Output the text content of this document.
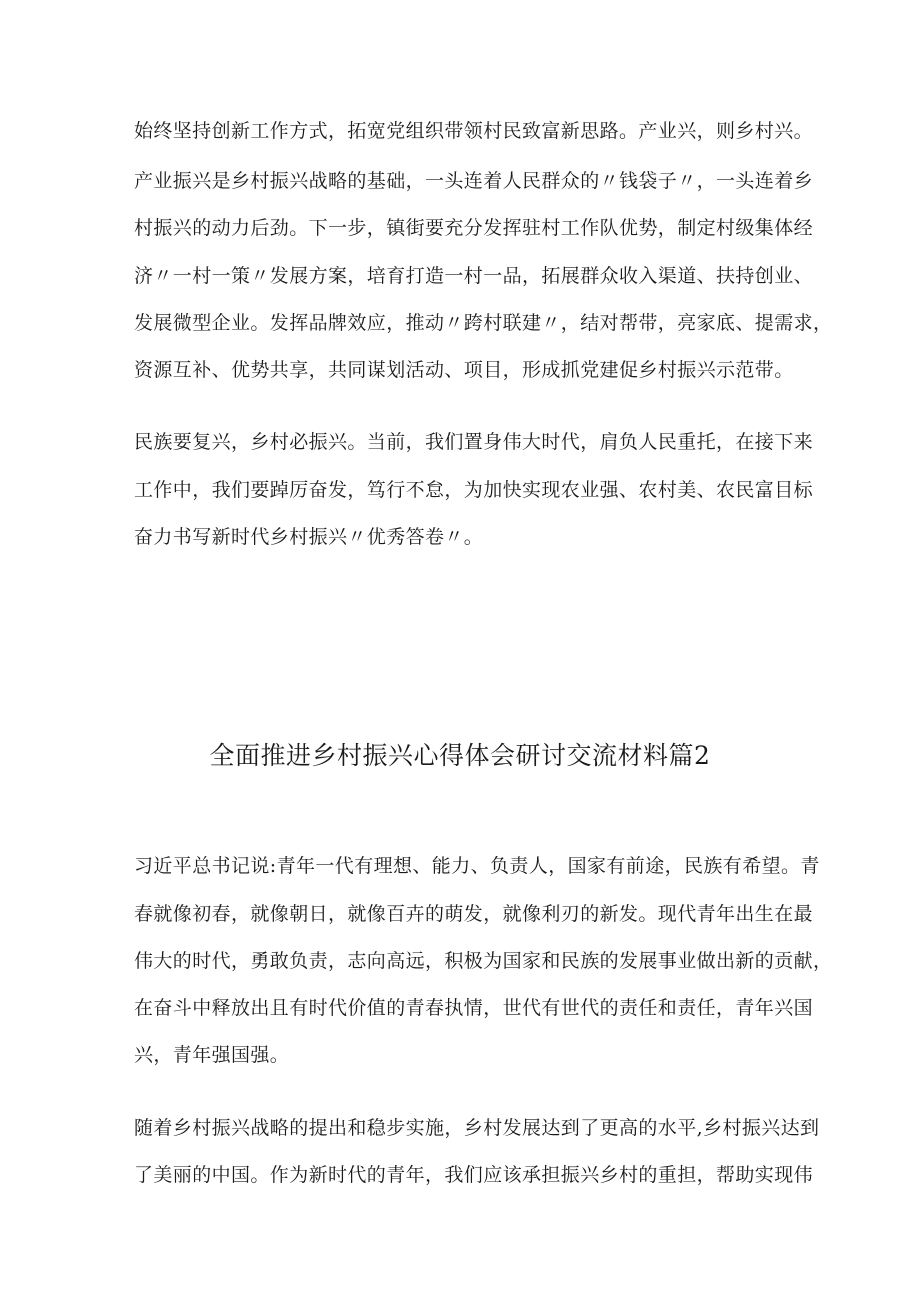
始终坚持创新工作方式，拓宽党组织带领村民致富新思路。产业兴，则乡村兴。
产业振兴是乡村振兴战略的基础，一头连着人民群众的〃钱袋子〃，一头连着乡
村振兴的动力后劲。下一步，镇街要充分发挥驻村工作队优势，制定村级集体经
济〃一村一策〃发展方案，培育打造一村一品，拓展群众收入渠道、扶持创业、
发展微型企业。发挥品牌效应，推动〃跨村联建〃，结对帮带，亮家底、提需求，
资源互补、优势共享，共同谋划活动、项目，形成抓党建促乡村振兴示范带。
民族要复兴，乡村必振兴。当前，我们置身伟大时代，肩负人民重托，在接下来
工作中，我们要踔厉奋发，笃行不怠，为加快实现农业强、农村美、农民富目标
奋力书写新时代乡村振兴〃优秀答卷〃。
全面推进乡村振兴心得体会研讨交流材料篇2
习近平总书记说:青年一代有理想、能力、负责人，国家有前途，民族有希望。青
春就像初春，就像朝日，就像百卉的萌发，就像利刃的新发。现代青年出生在最
伟大的时代，勇敢负责，志向高远，积极为国家和民族的发展事业做出新的贡献，
在奋斗中释放出且有时代价值的青春执情，世代有世代的责任和责任，青年兴国
兴，青年强国强。
随着乡村振兴战略的提出和稳步实施，乡村发展达到了更高的水平,乡村振兴达到
了美丽的中国。作为新时代的青年，我们应该承担振兴乡村的重担，帮助实现伟
